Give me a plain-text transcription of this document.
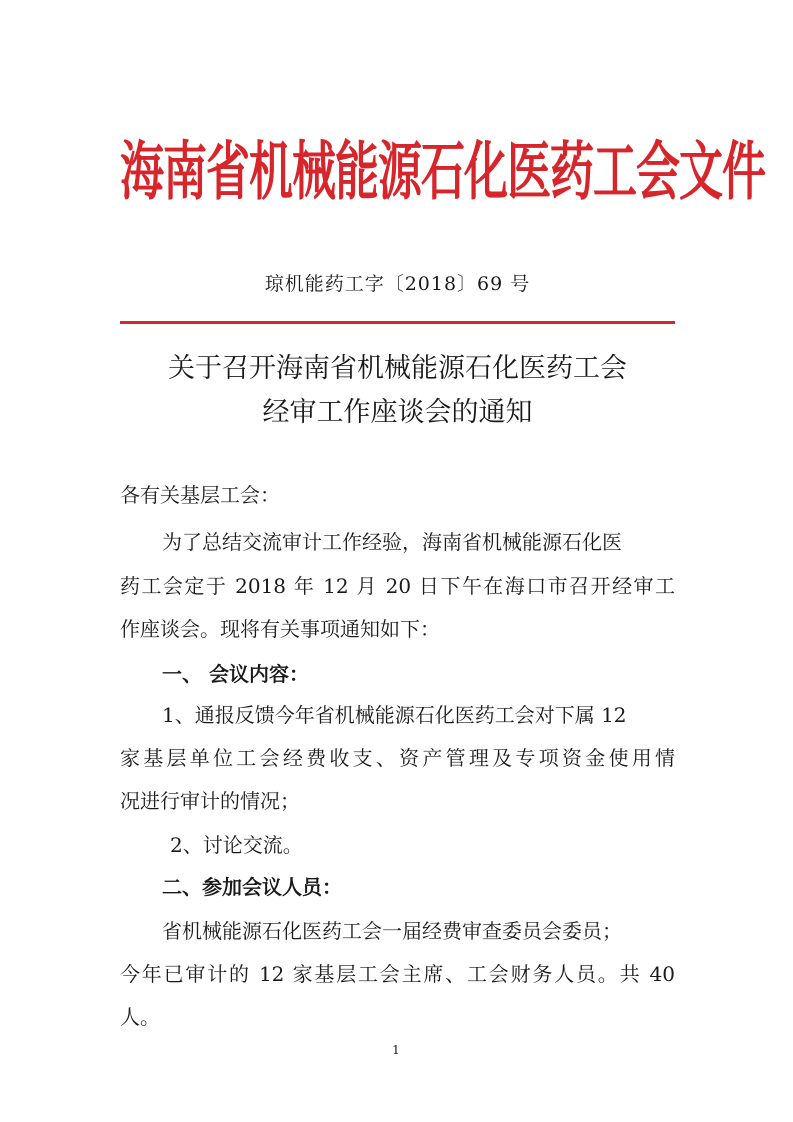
海南省机械能源石化医药工会文件
琼机能药工字〔2018〕69 号
关于召开海南省机械能源石化医药工会
经审工作座谈会的通知
各有关基层工会：
为了总结交流审计工作经验，海南省机械能源石化医
药工会定于 2018 年 12 月 20 日下午在海口市召开经审工
作座谈会。现将有关事项通知如下：
一、 会议内容：
1、通报反馈今年省机械能源石化医药工会对下属 12
家基层单位工会经费收支、资产管理及专项资金使用情
况进行审计的情况；
2、讨论交流。
二、参加会议人员：
省机械能源石化医药工会一届经费审查委员会委员；
今年已审计的 12 家基层工会主席、工会财务人员。共 40
人。
1
